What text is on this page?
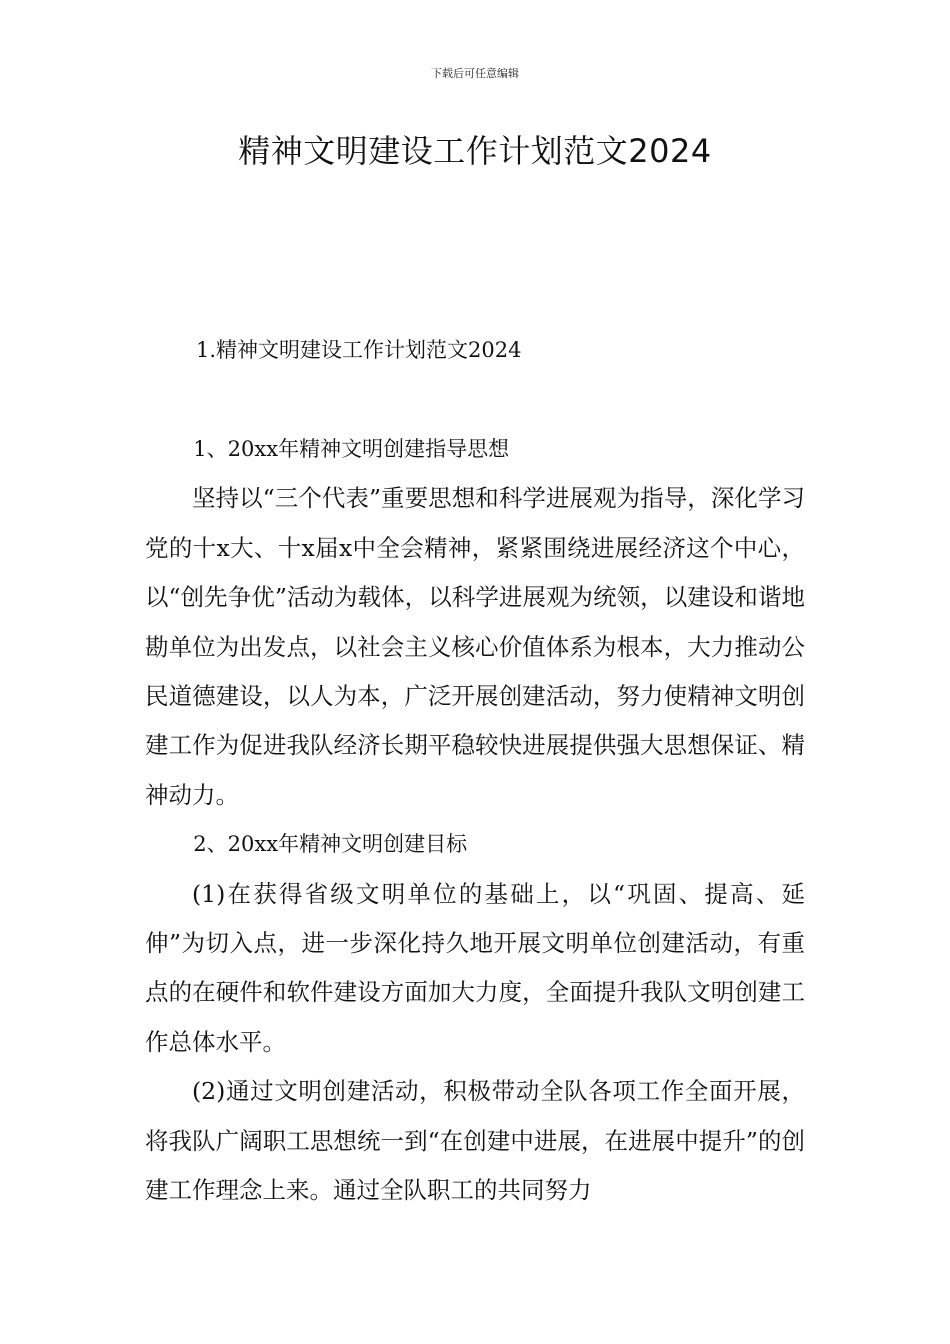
下载后可任意编辑
精神文明建设工作计划范文2024
1.精神文明建设工作计划范文2024

1、20xx年精神文明创建指导思想

坚持以“三个代表”重要思想和科学进展观为指导，深化学习党的十x大、十x届x中全会精神，紧紧围绕进展经济这个中心，以“创先争优”活动为载体，以科学进展观为统领，以建设和谐地勘单位为出发点，以社会主义核心价值体系为根本，大力推动公民道德建设，以人为本，广泛开展创建活动，努力使精神文明创建工作为促进我队经济长期平稳较快进展提供强大思想保证、精神动力。

2、20xx年精神文明创建目标

(1)在获得省级文明单位的基础上，以“巩固、提高、延伸”为切入点，进一步深化持久地开展文明单位创建活动，有重点的在硬件和软件建设方面加大力度，全面提升我队文明创建工作总体水平。

(2)通过文明创建活动，积极带动全队各项工作全面开展，将我队广阔职工思想统一到“在创建中进展，在进展中提升”的创建工作理念上来。通过全队职工的共同努力
